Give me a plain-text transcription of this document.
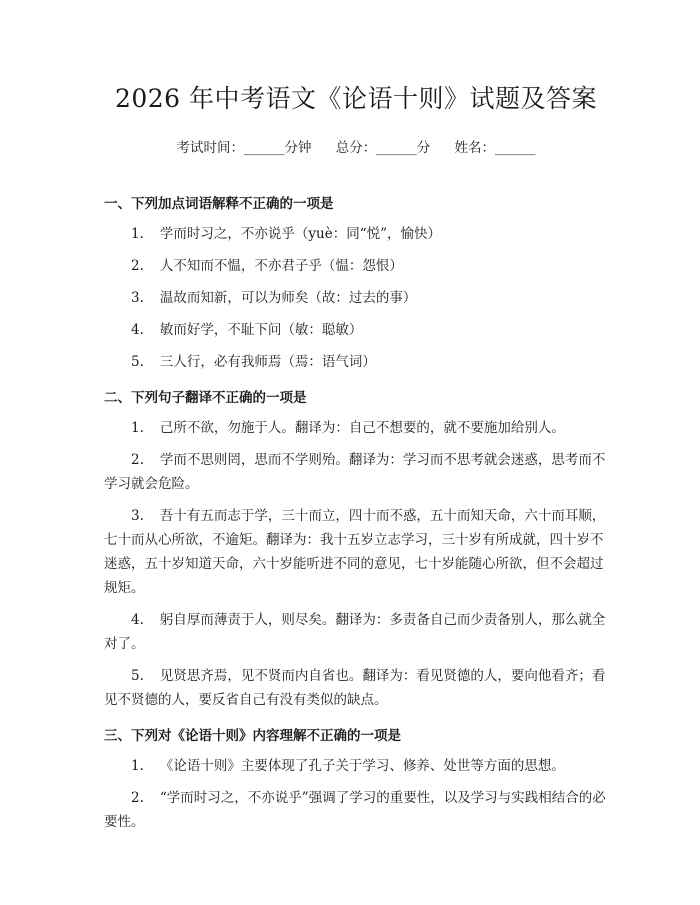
2026 年中考语文《论语十则》试题及答案
考试时间：______分钟 总分：______分 姓名：______

一、下列加点词语解释不正确的一项是

1. 学而时习之，不亦说乎（yuè：同“悦”，愉快）
2. 人不知而不愠，不亦君子乎（愠：怨恨）
3. 温故而知新，可以为师矣（故：过去的事）
4. 敏而好学，不耻下问（敏：聪敏）
5. 三人行，必有我师焉（焉：语气词）

二、下列句子翻译不正确的一项是

1. 己所不欲，勿施于人。翻译为：自己不想要的，就不要施加给别人。
2. 学而不思则罔，思而不学则殆。翻译为：学习而不思考就会迷惑，思考而不学习就会危险。
3. 吾十有五而志于学，三十而立，四十而不惑，五十而知天命，六十而耳顺，七十而从心所欲，不逾矩。翻译为：我十五岁立志学习，三十岁有所成就，四十岁不迷惑，五十岁知道天命，六十岁能听进不同的意见，七十岁能随心所欲，但不会超过规矩。
4. 躬自厚而薄责于人，则尽矣。翻译为：多责备自己而少责备别人，那么就全对了。
5. 见贤思齐焉，见不贤而内自省也。翻译为：看见贤德的人，要向他看齐；看见不贤德的人，要反省自己有没有类似的缺点。

三、下列对《论语十则》内容理解不正确的一项是

1. 《论语十则》主要体现了孔子关于学习、修养、处世等方面的思想。
2. “学而时习之，不亦说乎”强调了学习的重要性，以及学习与实践相结合的必要性。
